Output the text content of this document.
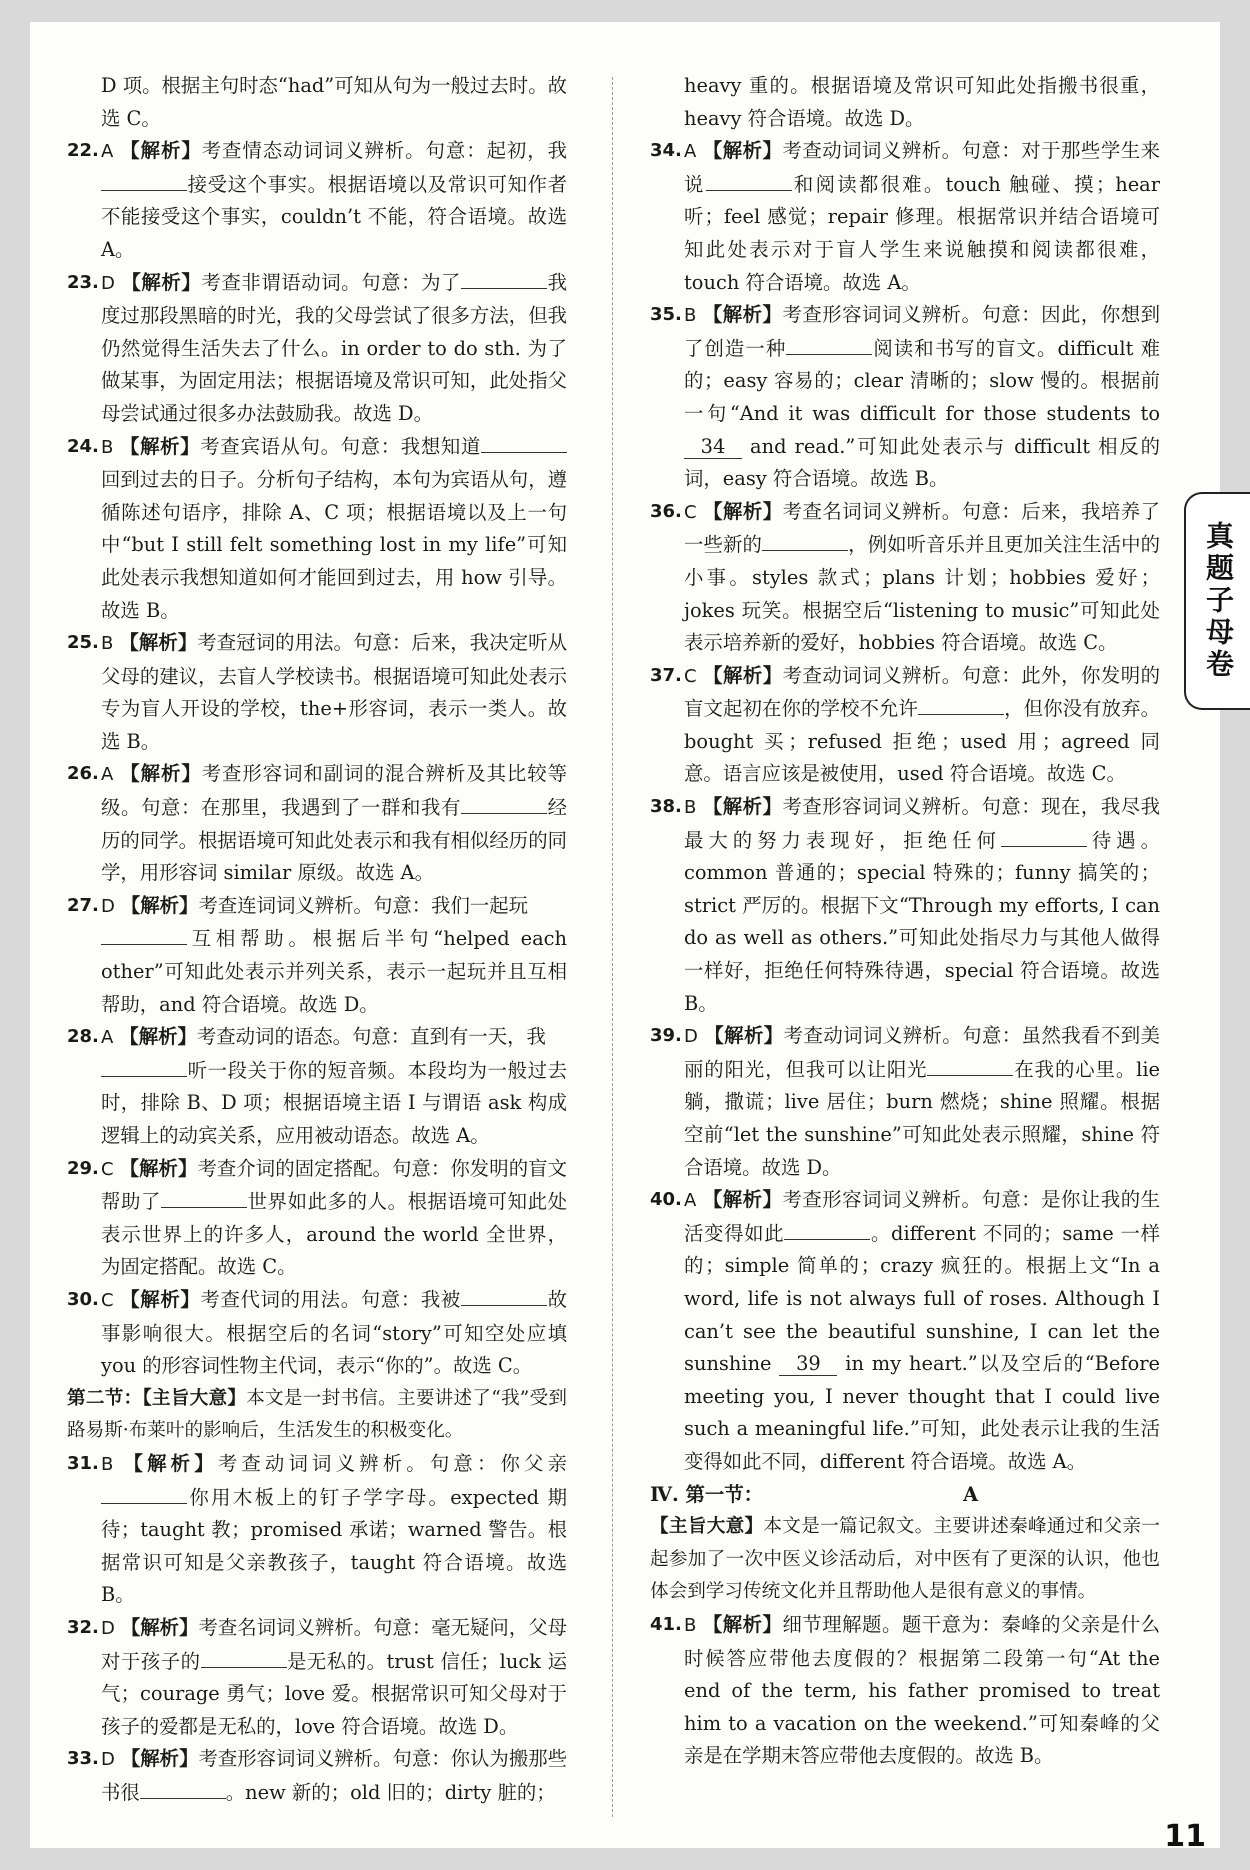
D 项。根据主句时态“had”可知从句为一般过去时。故选 C。
22. A 【解析】考查情态动词词义辨析。句意：起初，我接受这个事实。根据语境以及常识可知作者不能接受这个事实，couldn’t 不能，符合语境。故选 A。
23. D 【解析】考查非谓语动词。句意：为了	我度过那段黑暗的时光，我的父母尝试了很多方法，但我仍然觉得生活失去了什么。in order to do sth. 为了做某事，为固定用法；根据语境及常识可知，此处指父母尝试通过很多办法鼓励我。故选 D。
24. B 【解析】考查宾语从句。句意：我想知道回到过去的日子。分析句子结构，本句为宾语从句，遵循陈述句语序，排除 A、C 项；根据语境以及上一句中“but I still felt something lost in my life”可知此处表示我想知道如何才能回到过去，用 how 引导。故选 B。
25. B 【解析】考查冠词的用法。句意：后来，我决定听从父母的建议，去盲人学校读书。根据语境可知此处表示专为盲人开设的学校，the+形容词，表示一类人。故选 B。
26. A 【解析】考查形容词和副词的混合辨析及其比较等级。句意：在那里，我遇到了一群和我有	经历的同学。根据语境可知此处表示和我有相似经历的同学，用形容词 similar 原级。故选 A。
27. D 【解析】考查连词词义辨析。句意：我们一起玩
互相帮助。根据后半句“helped each other”可知此处表示并列关系，表示一起玩并且互相帮助，and 符合语境。故选 D。
28. A 【解析】考查动词的语态。句意：直到有一天，我
听一段关于你的短音频。本段均为一般过去时，排除 B、D 项；根据语境主语 I 与谓语 ask 构成逻辑上的动宾关系，应用被动语态。故选 A。
29. C 【解析】考查介词的固定搭配。句意：你发明的盲文帮助了	世界如此多的人。根据语境可知此处表示世界上的许多人，around the world 全世界，为固定搭配。故选 C。
30. C 【解析】考查代词的用法。句意：我被	故事影响很大。根据空后的名词“story”可知空处应填 you 的形容词性物主代词，表示“你的”。故选 C。
第二节：【主旨大意】本文是一封书信。主要讲述了“我”受到路易斯·布莱叶的影响后，生活发生的积极变化。
31. B 【解析】考查动词词义辨析。句意：你父亲你用木板上的钉子学字母。expected 期待；taught 教；promised 承诺；warned 警告。根据常识可知是父亲教孩子，taught 符合语境。故选 B。
32. D 【解析】考查名词词义辨析。句意：毫无疑问，父母对于孩子的	是无私的。trust 信任；luck 运气；courage 勇气；love 爱。根据常识可知父母对于孩子的爱都是无私的，love 符合语境。故选 D。
33. D 【解析】考查形容词词义辨析。句意：你认为搬那些书很	。new 新的；old 旧的；dirty 脏的；
heavy 重的。根据语境及常识可知此处指搬书很重，heavy 符合语境。故选 D。
34. A 【解析】考查动词词义辨析。句意：对于那些学生来说	和阅读都很难。touch 触碰、摸；hear 听；feel 感觉；repair 修理。根据常识并结合语境可知此处表示对于盲人学生来说触摸和阅读都很难，touch 符合语境。故选 A。
35. B 【解析】考查形容词词义辨析。句意：因此，你想到了创造一种	阅读和书写的盲文。difficult 难的；easy 容易的；clear 清晰的；slow 慢的。根据前一句“And it was difficult for those students to 34 and read.”可知此处表示与 difficult 相反的词，easy 符合语境。故选 B。
36. C 【解析】考查名词词义辨析。句意：后来，我培养了一些新的	，例如听音乐并且更加关注生活中的小事。styles 款式；plans 计划；hobbies 爱好；jokes 玩笑。根据空后“listening to music”可知此处表示培养新的爱好，hobbies 符合语境。故选 C。
37. C 【解析】考查动词词义辨析。句意：此外，你发明的盲文起初在你的学校不允许	，但你没有放弃。bought 买；refused 拒绝；used 用；agreed 同意。语言应该是被使用，used 符合语境。故选 C。
38. B 【解析】考查形容词词义辨析。句意：现在，我尽我最大的努力表现好，拒绝任何	待遇。common 普通的；special 特殊的；funny 搞笑的；strict 严厉的。根据下文“Through my efforts, I can do as well as others.”可知此处指尽力与其他人做得一样好，拒绝任何特殊待遇，special 符合语境。故选 B。
39. D 【解析】考查动词词义辨析。句意：虽然我看不到美丽的阳光，但我可以让阳光	在我的心里。lie 躺，撒谎；live 居住；burn 燃烧；shine 照耀。根据空前“let the sunshine”可知此处表示照耀，shine 符合语境。故选 D。
40. A 【解析】考查形容词词义辨析。句意：是你让我的生活变得如此	。different 不同的；same 一样的；simple 简单的；crazy 疯狂的。根据上文“In a word, life is not always full of roses. Although I can’t see the beautiful sunshine, I can let the sunshine 39 in my heart.”以及空后的“Before meeting you, I never thought that I could live such a meaningful life.”可知，此处表示让我的生活变得如此不同，different 符合语境。故选 A。
Ⅳ. 第一节：	A
【主旨大意】本文是一篇记叙文。主要讲述秦峰通过和父亲一起参加了一次中医义诊活动后，对中医有了更深的认识，他也体会到学习传统文化并且帮助他人是很有意义的事情。
41. B 【解析】细节理解题。题干意为：秦峰的父亲是什么时候答应带他去度假的？根据第二段第一句“At the end of the term, his father promised to treat him to a vacation on the weekend.”可知秦峰的父亲是在学期末答应带他去度假的。故选 B。
真题子母卷
11
